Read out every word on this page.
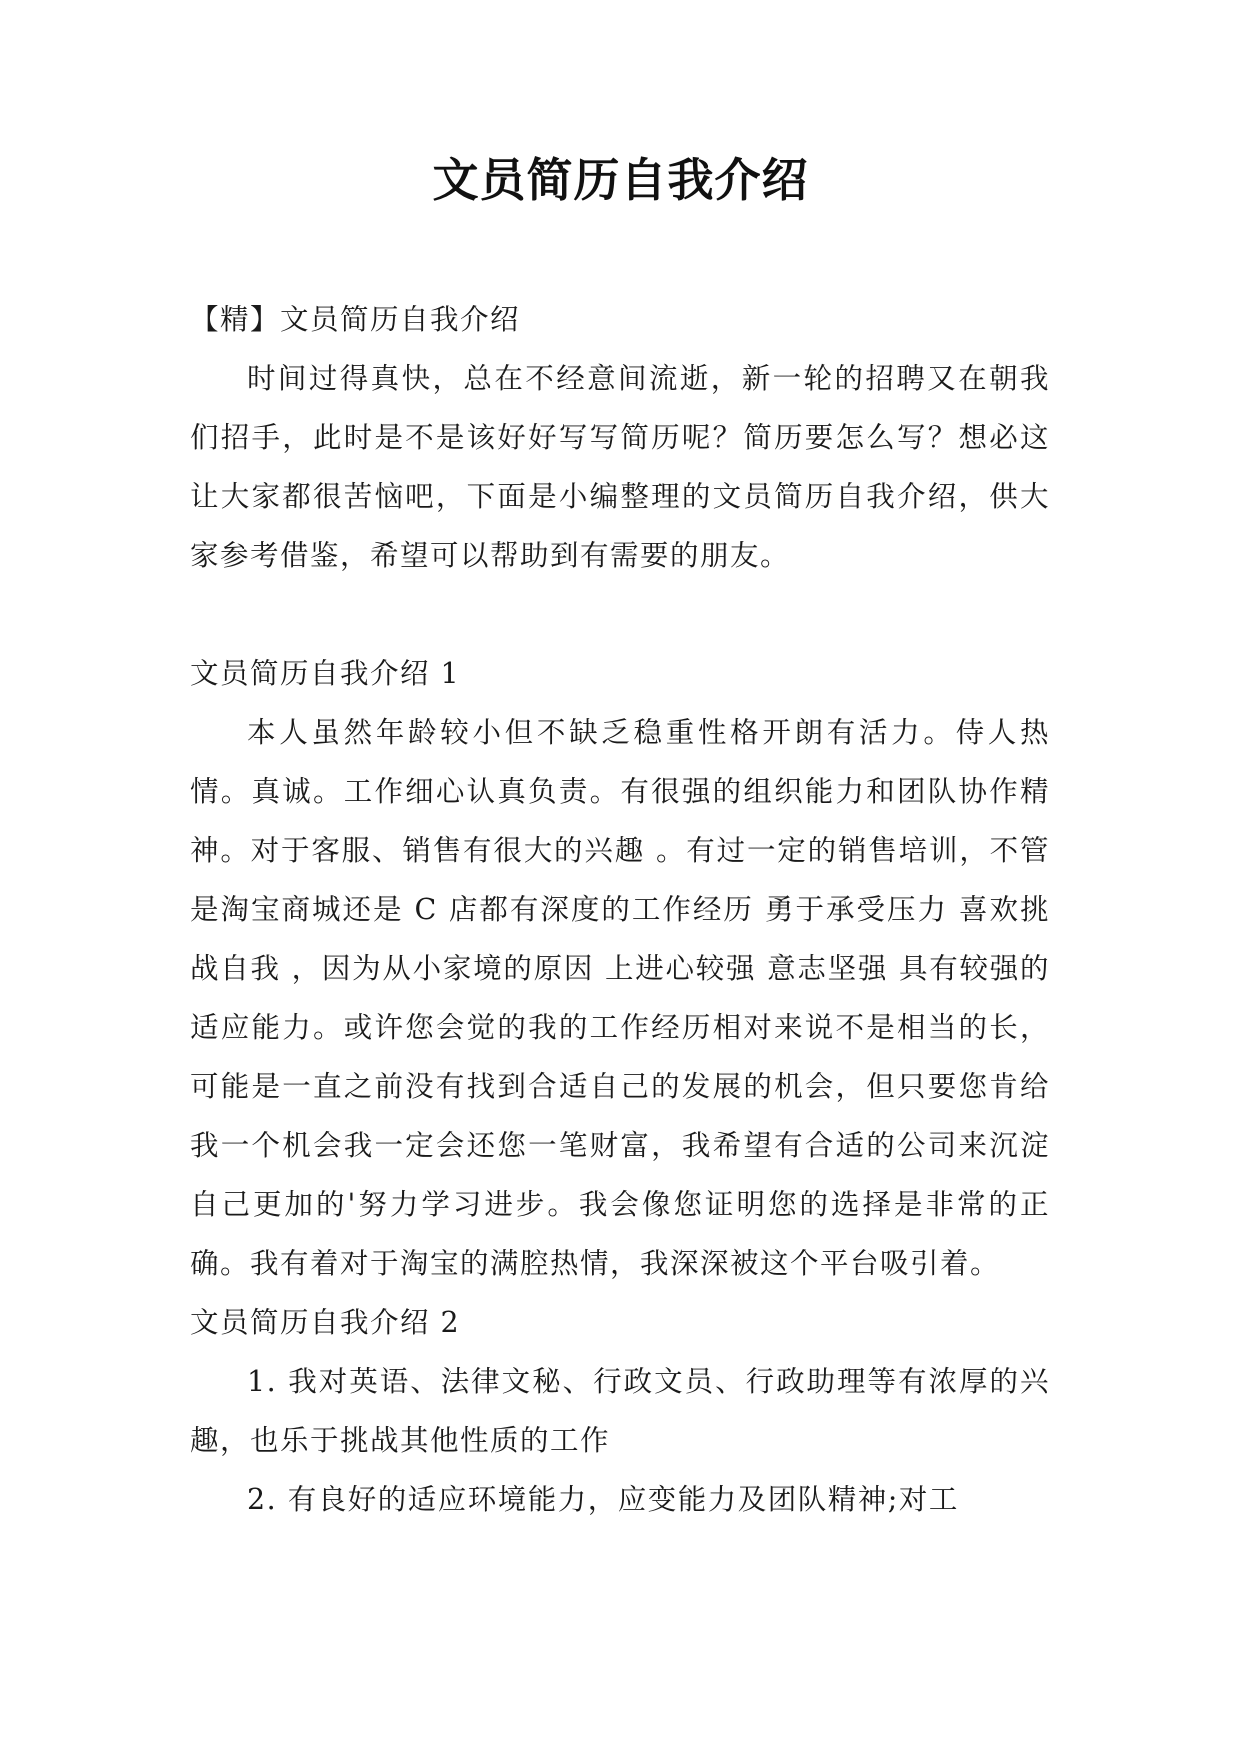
文员简历自我介绍

【精】文员简历自我介绍

时间过得真快，总在不经意间流逝，新一轮的招聘又在朝我们招手，此时是不是该好好写写简历呢？简历要怎么写？想必这让大家都很苦恼吧，下面是小编整理的文员简历自我介绍，供大家参考借鉴，希望可以帮助到有需要的朋友。

文员简历自我介绍 1

本人虽然年龄较小但不缺乏稳重性格开朗有活力。侍人热情。真诚。工作细心认真负责。有很强的组织能力和团队协作精神。对于客服、销售有很大的兴趣 。有过一定的销售培训，不管是淘宝商城还是 C 店都有深度的工作经历 勇于承受压力 喜欢挑战自我 ，因为从小家境的原因 上进心较强 意志坚强 具有较强的适应能力。或许您会觉的我的工作经历相对来说不是相当的长，可能是一直之前没有找到合适自己的发展的机会，但只要您肯给我一个机会我一定会还您一笔财富，我希望有合适的公司来沉淀自己更加的'努力学习进步。我会像您证明您的选择是非常的正确。我有着对于淘宝的满腔热情，我深深被这个平台吸引着。

文员简历自我介绍 2

1. 我对英语、法律文秘、行政文员、行政助理等有浓厚的兴趣，也乐于挑战其他性质的工作

2. 有良好的适应环境能力，应变能力及团队精神;对工
